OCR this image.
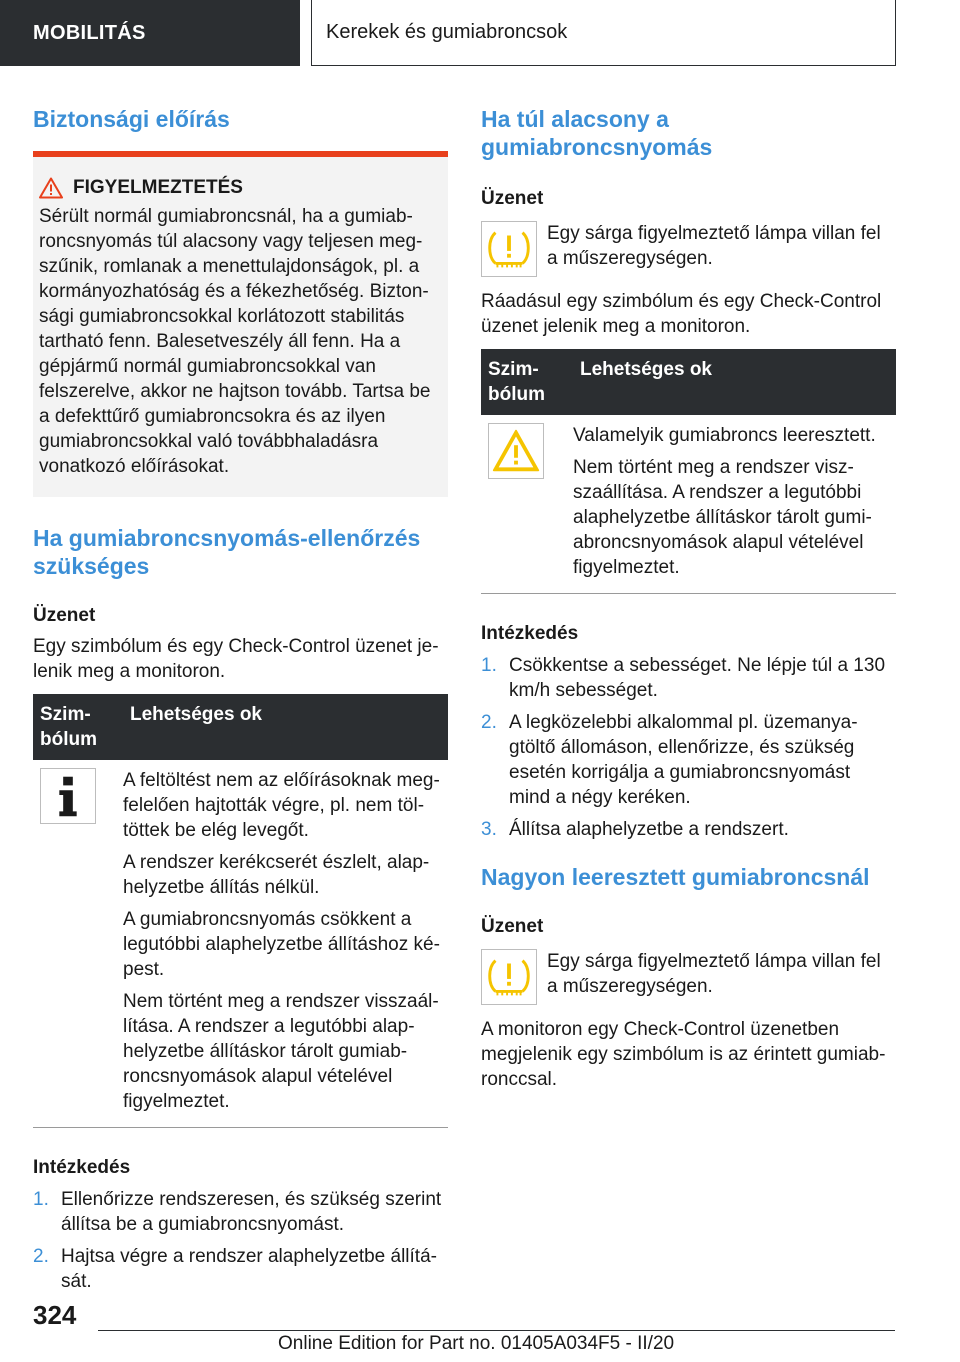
MOBILITÁS	Kerekek és gumiabroncsok
Biztonsági előírás
FIGYELMEZTETÉS

Sérült normál gumiabroncsnál, ha a gumiabroncsnyomás túl alacsony vagy teljesen megszűnik, romlanak a menettulajdonságok, pl. a kormányozhatóság és a fékezhetőség. Biztonsági gumiabroncsokkal korlátozott stabilitás tartható fenn. Balesetveszély áll fenn. Ha a gépjármű normál gumiabroncsokkal van felszerelve, akkor ne hajtson tovább. Tartsa be a defekttűrő gumiabroncsokra és az ilyen gumiabroncsokkal való továbbhaladásra vonatkozó előírásokat.

Ha gumiabroncsnyomás-ellenőrzés szükséges
Üzenet

Egy szimbólum és egy Check-Control üzenet jelenik meg a monitoron.

Szimbólum	Lehetséges ok

A feltöltést nem az előírásoknak megfelelően hajtották végre, pl. nem töltöttek be elég levegőt.

A rendszer kerékcserét észlelt, alaphelyzetbe állítás nélkül.

A gumiabroncsnyomás csökkent a legutóbbi alaphelyzetbe állításhoz képest.

Nem történt meg a rendszer visszaállítása. A rendszer a legutóbbi alaphelyzetbe állításkor tárolt gumiabroncsnyomások alapul vételével figyelmeztet.

Intézkedés
1. Ellenőrizze rendszeresen, és szükség szerint állítsa be a gumiabroncsnyomást.
2. Hajtsa végre a rendszer alaphelyzetbe állítását.
Ha túl alacsony a gumiabroncsnyomás
Üzenet

Egy sárga figyelmeztető lámpa villan fel a műszeregységen.

Ráadásul egy szimbólum és egy Check-Control üzenet jelenik meg a monitoron.

Szimbólum	Lehetséges ok

Valamelyik gumiabroncs leeresztett.

Nem történt meg a rendszer viszszaállítása. A rendszer a legutóbbi alaphelyzetbe állításkor tárolt gumiabroncsnyomások alapul vételével figyelmeztet.

Intézkedés
1. Csökkentse a sebességet. Ne lépje túl a 130 km/h sebességet.
2. A legközelebbi alkalommal pl. üzemanyagtöltő állomáson, ellenőrizze, és szükség esetén korrigálja a gumiabroncsnyomást mind a négy keréken.
3. Állítsa alaphelyzetbe a rendszert.
Nagyon leeresztett gumiabroncsnál
Üzenet

Egy sárga figyelmeztető lámpa villan fel a műszeregységen.

A monitoron egy Check-Control üzenetben megjelenik egy szimbólum is az érintett gumiabronccsal.

324
Online Edition for Part no. 01405A034F5 - II/20
